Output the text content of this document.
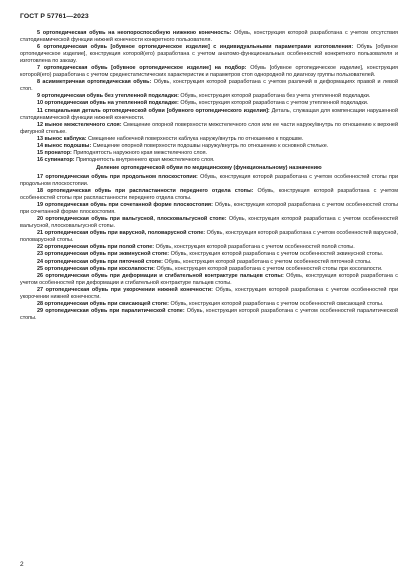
ГОСТ Р 57761—2023

5 ортопедическая обувь на неопороспособную нижнюю конечность: Обувь, конструкция которой разработана с учетом отсутствия статодинамической функции нижней конечности конкретного пользователя.

6 ортопедическая обувь [обувное ортопедическое изделие] с индивидуальными параметрами изготовления: Обувь [обувное ортопедическое изделие], конструкция которой(его) разработана с учетом анатомо-функциональных особенностей конкретного пользователя и изготовлена по заказу.

7 ортопедическая обувь [обувное ортопедическое изделие] на подбор: Обувь [обувное ортопедическое изделие], конструкция которой(его) разработана с учетом среднестатистических характеристик и параметров стоп однородной по диагнозу группы пользователей.

8 асимметричная ортопедическая обувь: Обувь, конструкция которой разработана с учетом различий в деформациях правой и левой стоп.

9 ортопедическая обувь без утепленной подкладки: Обувь, конструкция которой разработана без учета утепленной подкладки.

10 ортопедическая обувь на утепленной подкладке: Обувь, конструкция которой разработана с учетом утепленной подкладки.

11 специальная деталь ортопедической обуви [обувного ортопедического изделия]: Деталь, служащая для компенсации нарушенной статодинамической функции нижней конечности.

12 выное межстелечного слоя: Смещение опорной поверхности межстелечного слоя или ее части наружу/внутрь по отношению к верхней фигурной стельке.

13 вынос каблука: Смещение набоечной поверхности каблука наружу/внутрь по отношению к подошве.

14 вынос подошвы: Смещение опорной поверхности подошвы наружу/внутрь по отношению к основной стельке.

15 пронатор: Приподнятость наружного края межстелечного слоя.

16 супинатор: Приподнятость внутреннего края межстелечного слоя.

Деление ортопедической обуви по медицинскому (функциональному) назначению

17 ортопедическая обувь при продольном плоскостопии: Обувь, конструкция которой разработана с учетом особенностей стопы при продольном плоскостопии.

18 ортопедическая обувь при распластанности переднего отдела стопы: Обувь, конструкция которой разработана с учетом особенностей стопы при распластанности переднего отдела стопы.

19 ортопедическая обувь при сочетанной форме плоскостопия: Обувь, конструкция которой разработана с учетом особенностей стопы при сочетанной форме плоскостопия.

20 ортопедическая обувь при вальгусной, плосковальгусной стопе: Обувь, конструкция которой разработана с учетом особенностей вальгусной, плосковальгусной стопы.

21 ортопедическая обувь при варусной, половарусной стопе: Обувь, конструкция которой разработана с учетом особенностей варусной, половарусной стопы.

22 ортопедическая обувь при полой стопе: Обувь, конструкция которой разработана с учетом особенностей полой стопы.

23 ортопедическая обувь при эквинусной стопе: Обувь, конструкция которой разработана с учетом особенностей эквинусной стопы.

24 ортопедическая обувь при пяточной стопе: Обувь, конструкция которой разработана с учетом особенностей пяточной стопы.

25 ортопедическая обувь при косолапости: Обувь, конструкция которой разработана с учетом особенностей стопы при косолапости.

26 ортопедическая обувь при деформации и сгибательной контрактуре пальцев стопы: Обувь, конструкция которой разработана с учетом особенностей при деформации и сгибательной контрактуре пальцев стопы.

27 ортопедическая обувь при укорочении нижней конечности: Обувь, конструкция которой разработана с учетом особенностей при укорочении нижней конечности.

28 ортопедическая обувь при свисающей стопе: Обувь, конструкция которой разработана с учетом особенностей свисающей стопы.

29 ортопедическая обувь при паралитической стопе: Обувь, конструкция которой разработана с учетом особенностей паралитической стопы.

2
